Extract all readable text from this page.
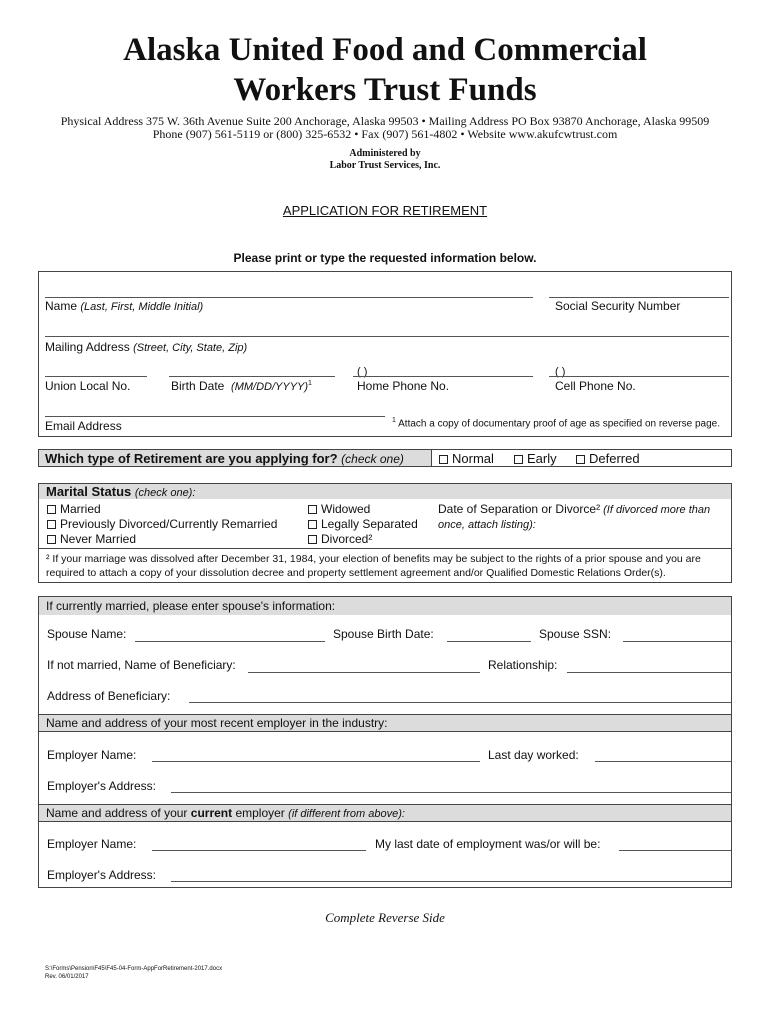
Alaska United Food and Commercial
Workers Trust Funds
Physical Address 375 W. 36th Avenue Suite 200 Anchorage, Alaska 99503 • Mailing Address PO Box 93870 Anchorage, Alaska 99509
Phone (907) 561-5119 or (800) 325-6532 • Fax (907) 561-4802 • Website www.akufcwtrust.com
Administered by
Labor Trust Services, Inc.
APPLICATION FOR RETIREMENT
Please print or type the requested information below.
Name (Last, First, Middle Initial)	Social Security Number
Mailing Address (Street, City, State, Zip)
( )	( )
Union Local No.	Birth Date (MM/DD/YYYY)$^1$	Home Phone No.	Cell Phone No.
Email Address	$^1$ Attach a copy of documentary proof of age as specified on reverse page.
Which type of Retirement are you applying for? (check one)	Normal	Early	Deferred
Marital Status (check one):
Married
Previously Divorced/Currently Remarried
Never Married
Widowed
Legally Separated
Divorced²
Date of Separation or Divorce² (If divorced more than once, attach listing):
² If your marriage was dissolved after December 31, 1984, your election of benefits may be subject to the rights of a prior spouse and you are
required to attach a copy of your dissolution decree and property settlement agreement and/or Qualified Domestic Relations Order(s).
If currently married, please enter spouse's information:
Spouse Name:	Spouse Birth Date:	Spouse SSN:
If not married, Name of Beneficiary:	Relationship:
Address of Beneficiary:
Name and address of your most recent employer in the industry:
Employer Name:	Last day worked:
Employer's Address:
Name and address of your current employer (if different from above):
Employer Name:	My last date of employment was/or will be:
Employer's Address:
Complete Reverse Side
S:\Forms\Pension\F45\F45-04-Form-AppForRetirement-2017.docx
Rev. 06/01/2017
